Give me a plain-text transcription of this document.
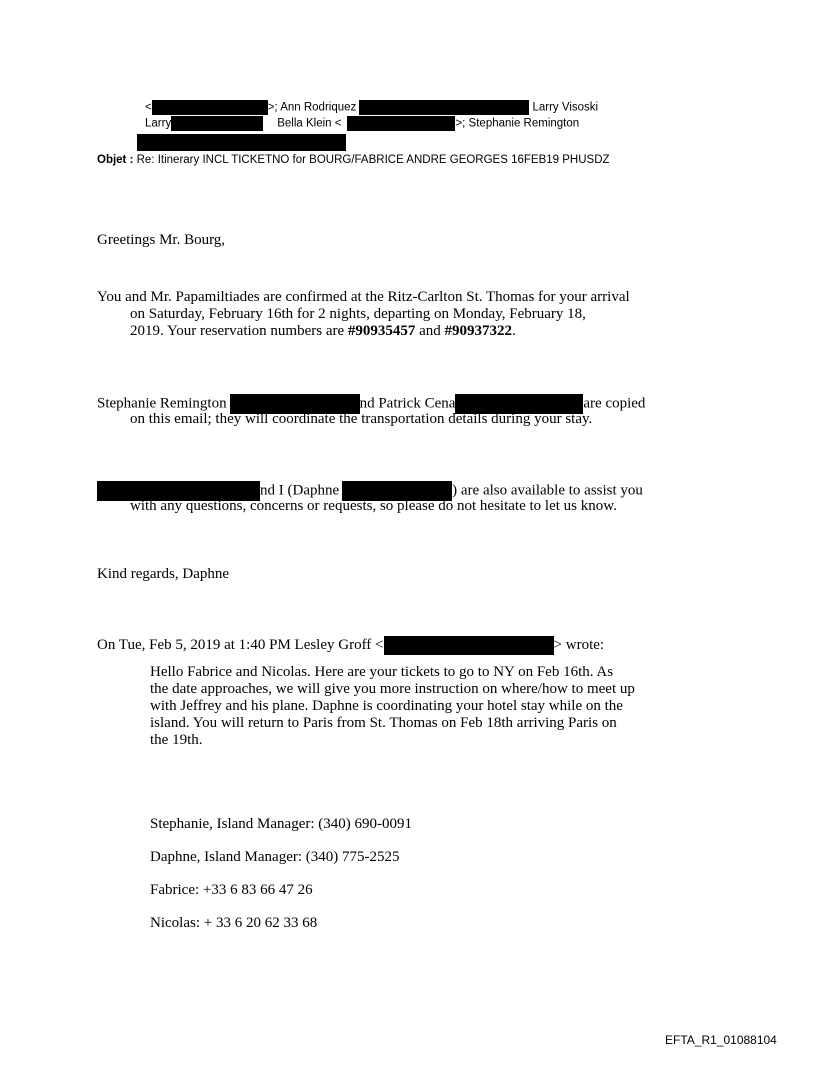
<	>; Ann Rodriquez	Larry Visoski
Larry	Bella Klein <	>; Stephanie Remington
Objet : Re: Itinerary INCL TICKETNO for BOURG/FABRICE ANDRE GEORGES 16FEB19 PHUSDZ
Greetings Mr. Bourg,
You and Mr. Papamiltiades are confirmed at the Ritz-Carlton St. Thomas for your arrival
on Saturday, February 16th for 2 nights, departing on Monday, February 18,
2019. Your reservation numbers are #90935457 and #90937322.
Stephanie Remington	nd Patrick Cena	are copied
on this email; they will coordinate the transportation details during your stay.
nd I (Daphne	) are also available to assist you
with any questions, concerns or requests, so please do not hesitate to let us know.
Kind regards, Daphne
On Tue, Feb 5, 2019 at 1:40 PM Lesley Groff <	> wrote:
Hello Fabrice and Nicolas. Here are your tickets to go to NY on Feb 16th. As
the date approaches, we will give you more instruction on where/how to meet up
with Jeffrey and his plane. Daphne is coordinating your hotel stay while on the
island. You will return to Paris from St. Thomas on Feb 18th arriving Paris on
the 19th.
Stephanie, Island Manager: (340) 690-0091
Daphne, Island Manager: (340) 775-2525
Fabrice: +33 6 83 66 47 26
Nicolas: + 33 6 20 62 33 68
EFTA_R1_01088104
